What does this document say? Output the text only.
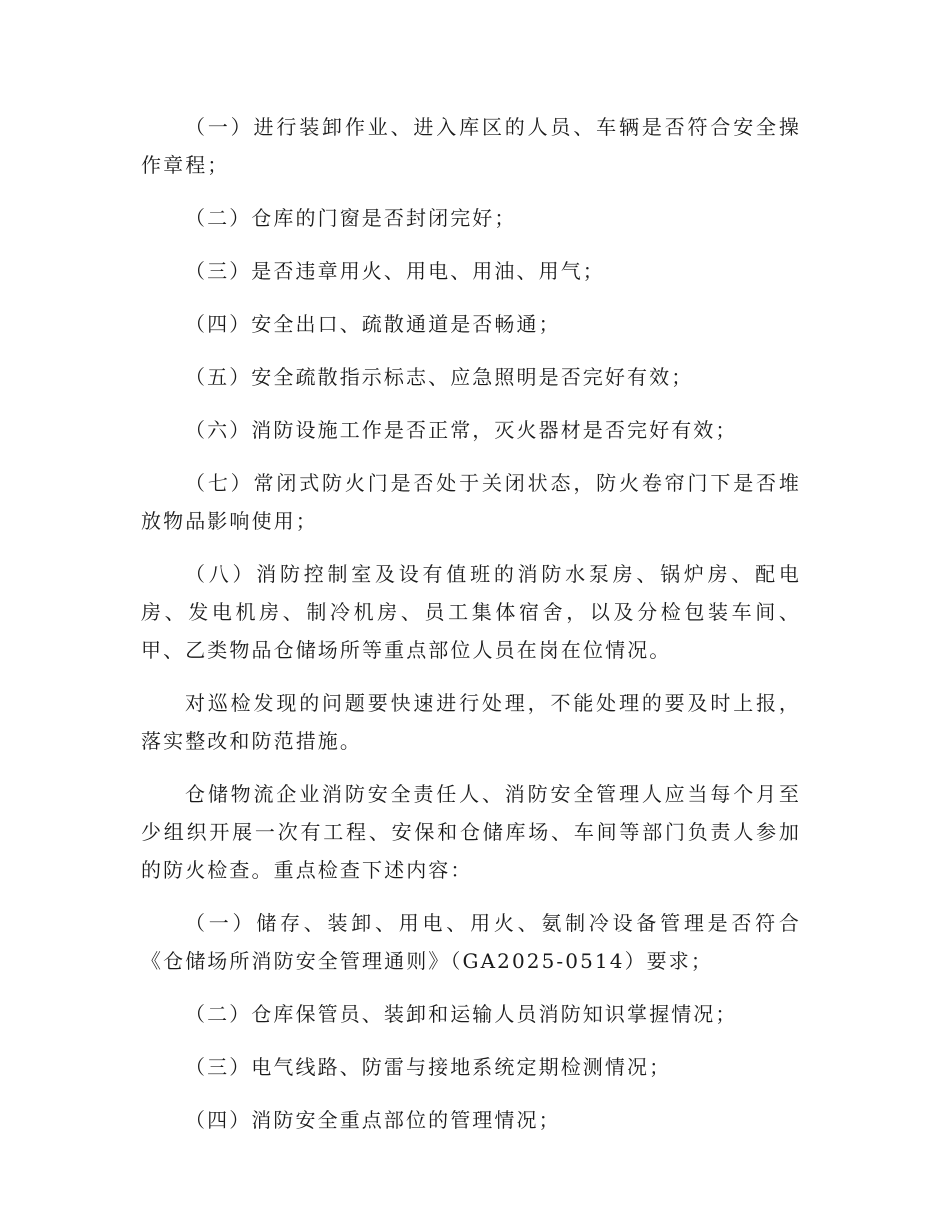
（一）进行装卸作业、进入库区的人员、车辆是否符合安全操作章程；

（二）仓库的门窗是否封闭完好；

（三）是否违章用火、用电、用油、用气；

（四）安全出口、疏散通道是否畅通；

（五）安全疏散指示标志、应急照明是否完好有效；

（六）消防设施工作是否正常，灭火器材是否完好有效；

（七）常闭式防火门是否处于关闭状态，防火卷帘门下是否堆放物品影响使用；

（八）消防控制室及设有值班的消防水泵房、锅炉房、配电房、发电机房、制冷机房、员工集体宿舍，以及分检包装车间、甲、乙类物品仓储场所等重点部位人员在岗在位情况。

对巡检发现的问题要快速进行处理，不能处理的要及时上报，落实整改和防范措施。

仓储物流企业消防安全责任人、消防安全管理人应当每个月至少组织开展一次有工程、安保和仓储库场、车间等部门负责人参加的防火检查。重点检查下述内容：

（一）储存、装卸、用电、用火、氨制冷设备管理是否符合《仓储场所消防安全管理通则》（GA2025-0514）要求；

（二）仓库保管员、装卸和运输人员消防知识掌握情况；

（三）电气线路、防雷与接地系统定期检测情况；

（四）消防安全重点部位的管理情况；
